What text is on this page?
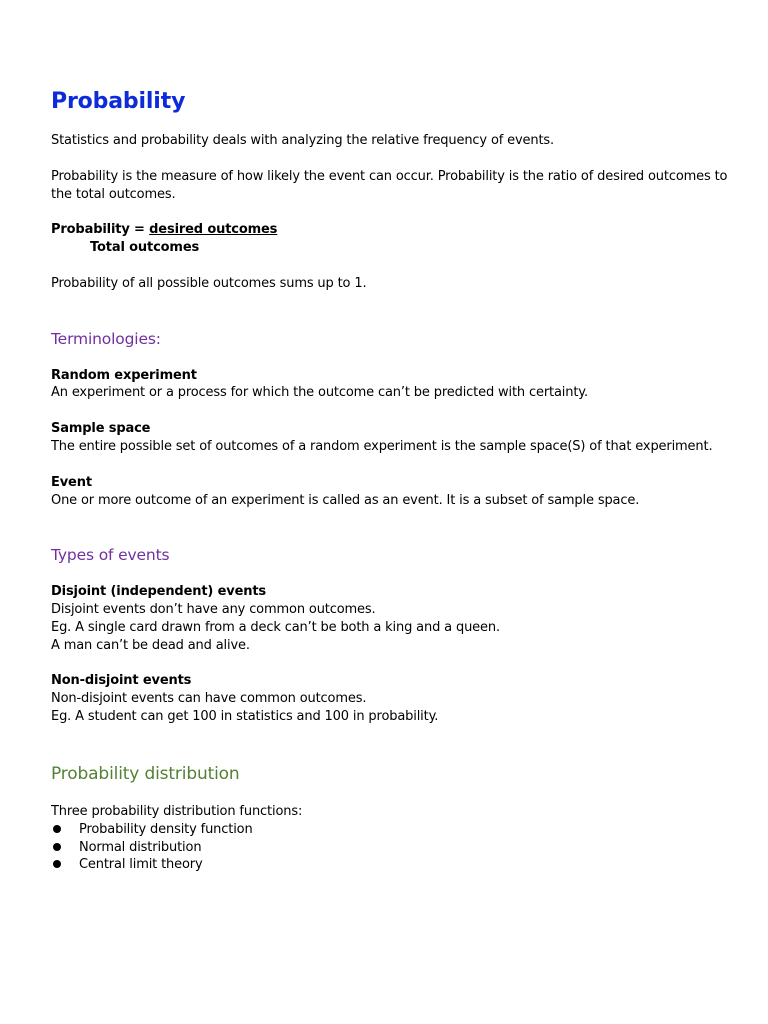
Probability
Statistics and probability deals with analyzing the relative frequency of events.
Probability is the measure of how likely the event can occur. Probability is the ratio of desired outcomes to the total outcomes.
Probability = desired outcomes
Total outcomes
Probability of all possible outcomes sums up to 1.
Terminologies:
Random experiment
An experiment or a process for which the outcome can’t be predicted with certainty.
Sample space
The entire possible set of outcomes of a random experiment is the sample space(S) of that experiment.
Event
One or more outcome of an experiment is called as an event. It is a subset of sample space.
Types of events
Disjoint (independent) events
Disjoint events don’t have any common outcomes.
Eg. A single card drawn from a deck can’t be both a king and a queen.
A man can’t be dead and alive.
Non-disjoint events
Non-disjoint events can have common outcomes.
Eg. A student can get 100 in statistics and 100 in probability.
Probability distribution
Three probability distribution functions:
Probability density function
Normal distribution
Central limit theory
